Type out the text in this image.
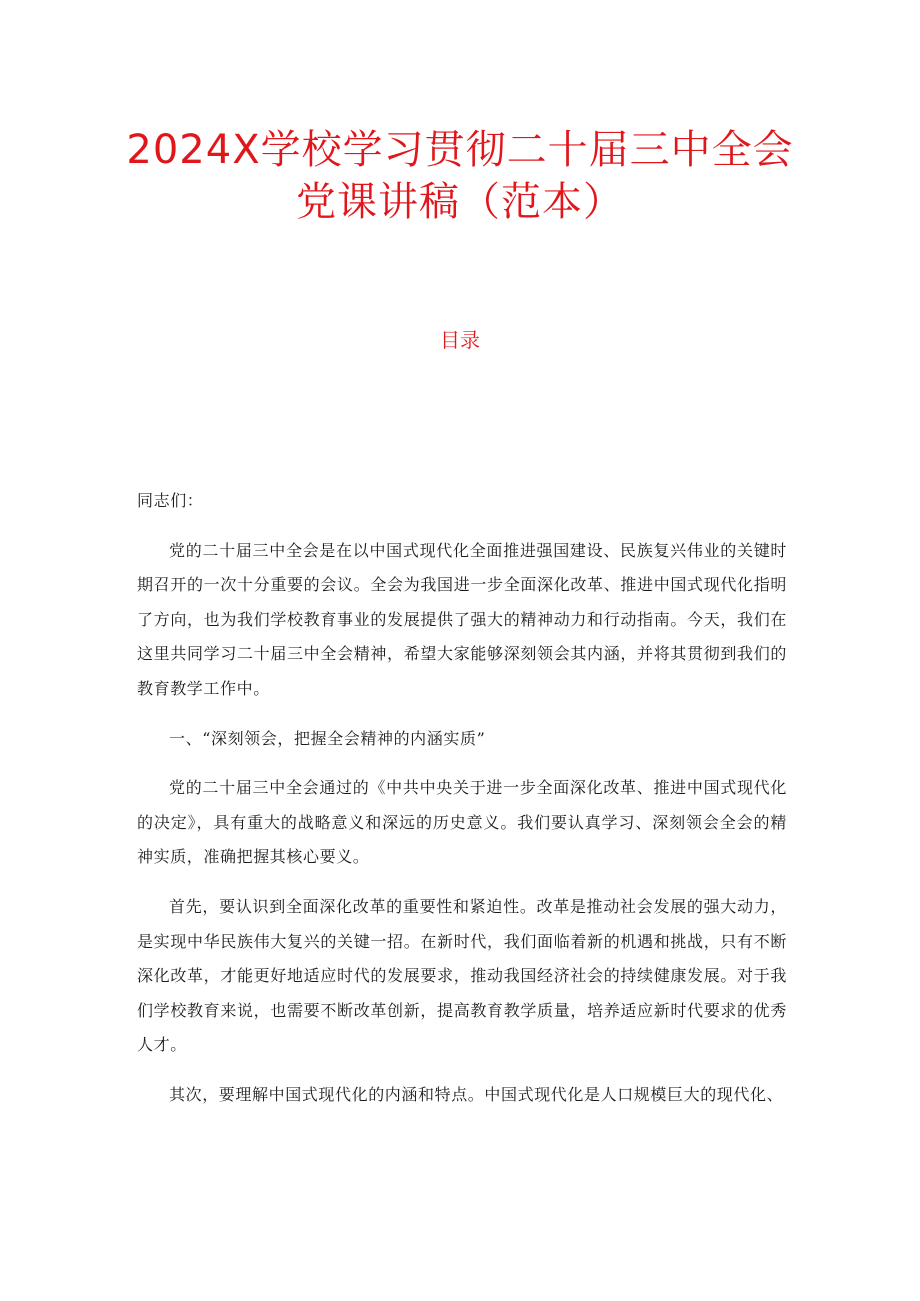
2024X学校学习贯彻二十届三中全会
党课讲稿（范本）
目录

同志们：

党的二十届三中全会是在以中国式现代化全面推进强国建设、民族复兴伟业的关键时期召开的一次十分重要的会议。全会为我国进一步全面深化改革、推进中国式现代化指明了方向，也为我们学校教育事业的发展提供了强大的精神动力和行动指南。今天，我们在这里共同学习二十届三中全会精神，希望大家能够深刻领会其内涵，并将其贯彻到我们的教育教学工作中。

一、“深刻领会，把握全会精神的内涵实质”

党的二十届三中全会通过的《中共中央关于进一步全面深化改革、推进中国式现代化的决定》，具有重大的战略意义和深远的历史意义。我们要认真学习、深刻领会全会的精神实质，准确把握其核心要义。

首先，要认识到全面深化改革的重要性和紧迫性。改革是推动社会发展的强大动力，是实现中华民族伟大复兴的关键一招。在新时代，我们面临着新的机遇和挑战，只有不断深化改革，才能更好地适应时代的发展要求，推动我国经济社会的持续健康发展。对于我们学校教育来说，也需要不断改革创新，提高教育教学质量，培养适应新时代要求的优秀人才。

其次，要理解中国式现代化的内涵和特点。中国式现代化是人口规模巨大的现代化、
